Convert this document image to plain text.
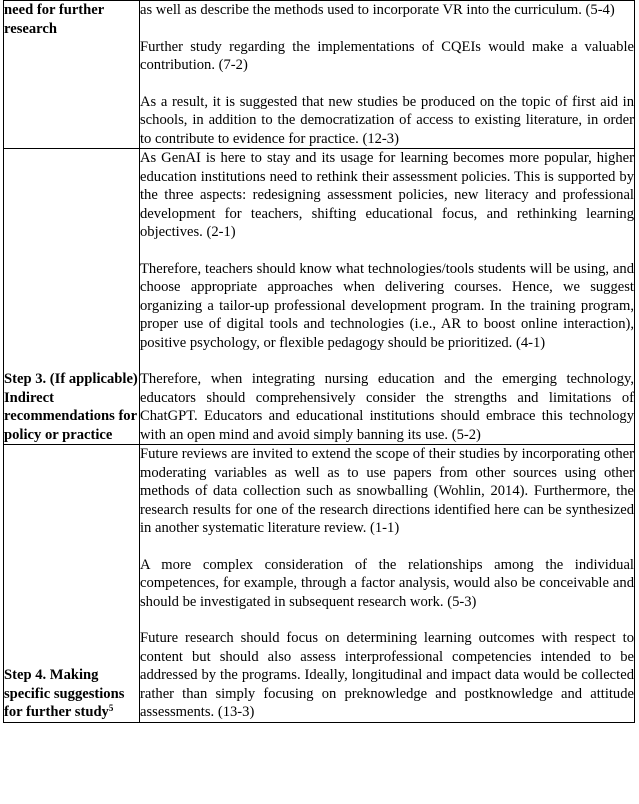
need for further research	as well as describe the methods used to incorporate VR into the curriculum. (5-4)

Further study regarding the implementations of CQEIs would make a valuable contribution. (7-2)

As a result, it is suggested that new studies be produced on the topic of first aid in schools, in addition to the democratization of access to existing literature, in order to contribute to evidence for practice. (12-3)

Step 3. (If applicable) Indirect recommendations for policy or practice	As GenAI is here to stay and its usage for learning becomes more popular, higher education institutions need to rethink their assessment policies. This is supported by the three aspects: redesigning assessment policies, new literacy and professional development for teachers, shifting educational focus, and rethinking learning objectives. (2-1)

Therefore, teachers should know what technologies/tools students will be using, and choose appropriate approaches when delivering courses. Hence, we suggest organizing a tailor-up professional development program. In the training program, proper use of digital tools and technologies (i.e., AR to boost online interaction), positive psychology, or flexible pedagogy should be prioritized. (4-1)

Therefore, when integrating nursing education and the emerging technology, educators should comprehensively consider the strengths and limitations of ChatGPT. Educators and educational institutions should embrace this technology with an open mind and avoid simply banning its use. (5-2)

Step 4. Making specific suggestions for further study$^5$	Future reviews are invited to extend the scope of their studies by incorporating other moderating variables as well as to use papers from other sources using other methods of data collection such as snowballing (Wohlin, 2014). Furthermore, the research results for one of the research directions identified here can be synthesized in another systematic literature review. (1-1)

A more complex consideration of the relationships among the individual competences, for example, through a factor analysis, would also be conceivable and should be investigated in subsequent research work. (5-3)

Future research should focus on determining learning outcomes with respect to content but should also assess interprofessional competencies intended to be addressed by the programs. Ideally, longitudinal and impact data would be collected rather than simply focusing on preknowledge and postknowledge and attitude assessments. (13-3)
